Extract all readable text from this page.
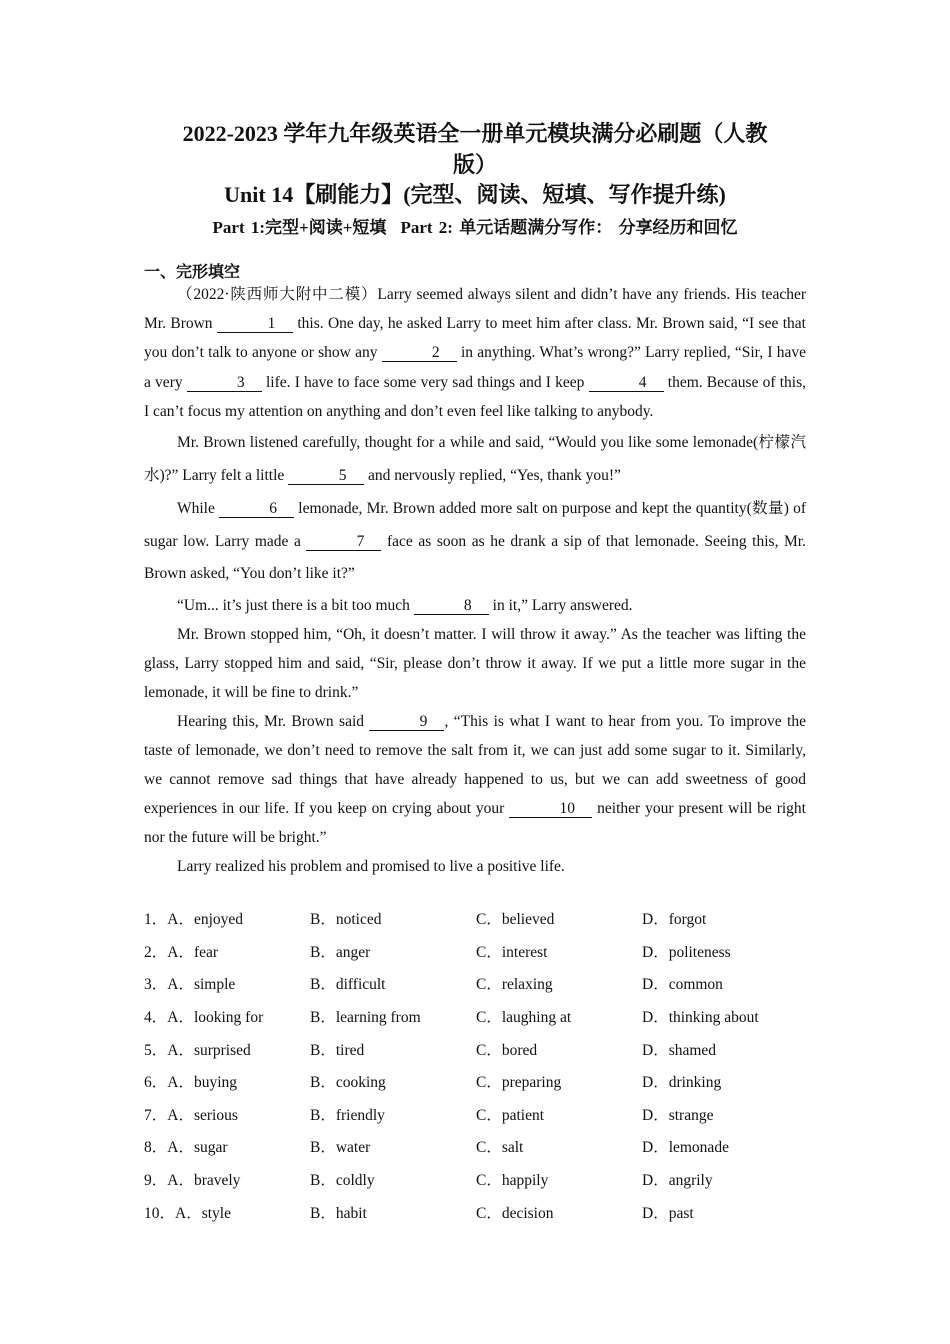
2022-2023 学年九年级英语全一册单元模块满分必刷题（人教
版）
Unit 14【刷能力】(完型、阅读、短填、写作提升练)
Part 1:完型+阅读+短填 Part 2: 单元话题满分写作： 分享经历和回忆
一、完形填空

（2022·陕西师大附中二模）Larry seemed always silent and didn’t have any friends. His teacher Mr. Brown	1 this. One day, he asked Larry to meet him after class. Mr. Brown said, “I see that you don’t talk to anyone or show any	2 in anything. What’s wrong?” Larry replied, “Sir, I have a very	3 life. I have to face some very sad things and I keep	4 them. Because of this, I can’t focus my attention on anything and don’t even feel like talking to anybody.

Mr. Brown listened carefully, thought for a while and said, “Would you like some lemonade(柠檬汽水)?” Larry felt a little	5 and nervously replied, “Yes, thank you!”

While	6 lemonade, Mr. Brown added more salt on purpose and kept the quantity(数量) of sugar low. Larry made a	7 face as soon as he drank a sip of that lemonade. Seeing this, Mr. Brown asked, “You don’t like it?”

“Um... it’s just there is a bit too much	8 in it,” Larry answered.

Mr. Brown stopped him, “Oh, it doesn’t matter. I will throw it away.” As the teacher was lifting the glass, Larry stopped him and said, “Sir, please don’t throw it away. If we put a little more sugar in the lemonade, it will be fine to drink.”

Hearing this, Mr. Brown said	9 , “This is what I want to hear from you. To improve the taste of lemonade, we don’t need to remove the salt from it, we can just add some sugar to it. Similarly, we cannot remove sad things that have already happened to us, but we can add sweetness of good experiences in our life. If you keep on crying about your	10 neither your present will be right nor the future will be bright.”

Larry realized his problem and promised to live a positive life.

1．A．enjoyed	B．noticed	C．believed	D．forgot
2．A．fear	B．anger	C．interest	D．politeness
3．A．simple	B．difficult	C．relaxing	D．common
4．A．looking for	B．learning from	C．laughing at	D．thinking about
5．A．surprised	B．tired	C．bored	D．shamed
6．A．buying	B．cooking	C．preparing	D．drinking
7．A．serious	B．friendly	C．patient	D．strange
8．A．sugar	B．water	C．salt	D．lemonade
9．A．bravely	B．coldly	C．happily	D．angrily
10．A．style	B．habit	C．decision	D．past
